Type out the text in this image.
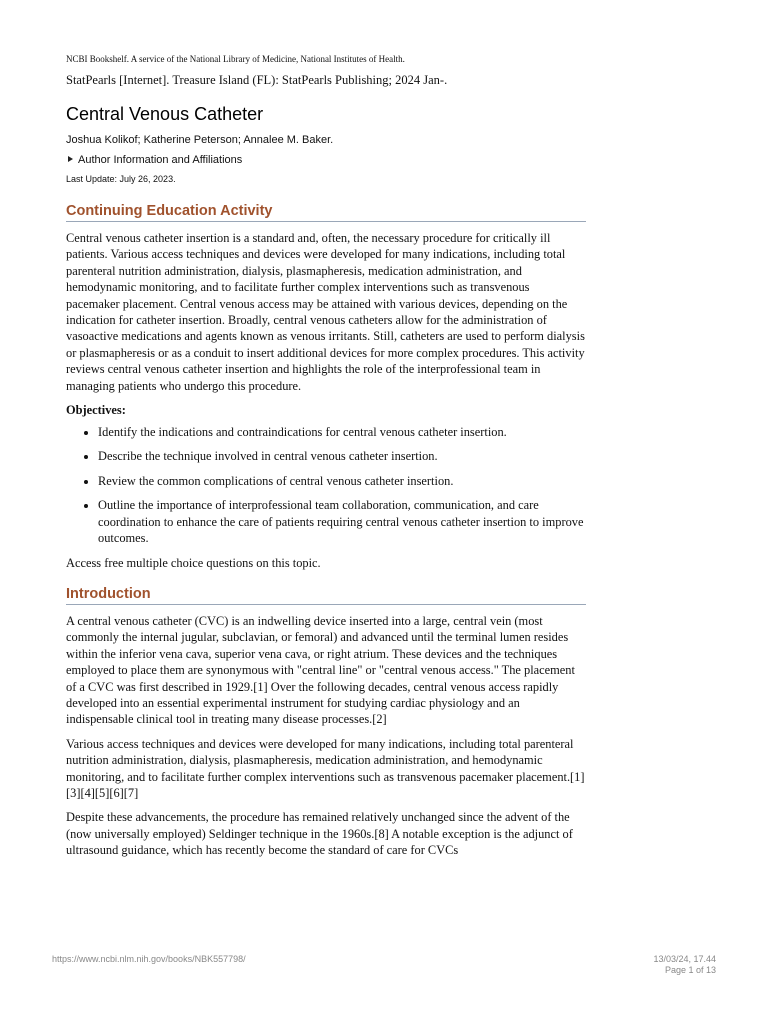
NCBI Bookshelf. A service of the National Library of Medicine, National Institutes of Health.

StatPearls [Internet]. Treasure Island (FL): StatPearls Publishing; 2024 Jan-.

Central Venous Catheter

Joshua Kolikof; Katherine Peterson; Annalee M. Baker.

Author Information and Affiliations

Last Update: July 26, 2023.

Continuing Education Activity

Central venous catheter insertion is a standard and, often, the necessary procedure for critically ill patients. Various access techniques and devices were developed for many indications, including total parenteral nutrition administration, dialysis, plasmapheresis, medication administration, and hemodynamic monitoring, and to facilitate further complex interventions such as transvenous pacemaker placement. Central venous access may be attained with various devices, depending on the indication for catheter insertion. Broadly, central venous catheters allow for the administration of vasoactive medications and agents known as venous irritants. Still, catheters are used to perform dialysis or plasmapheresis or as a conduit to insert additional devices for more complex procedures. This activity reviews central venous catheter insertion and highlights the role of the interprofessional team in managing patients who undergo this procedure.

Objectives:

• Identify the indications and contraindications for central venous catheter insertion.
• Describe the technique involved in central venous catheter insertion.
• Review the common complications of central venous catheter insertion.
• Outline the importance of interprofessional team collaboration, communication, and care coordination to enhance the care of patients requiring central venous catheter insertion to improve outcomes.

Access free multiple choice questions on this topic.

Introduction

A central venous catheter (CVC) is an indwelling device inserted into a large, central vein (most commonly the internal jugular, subclavian, or femoral) and advanced until the terminal lumen resides within the inferior vena cava, superior vena cava, or right atrium. These devices and the techniques employed to place them are synonymous with "central line" or "central venous access." The placement of a CVC was first described in 1929.[1] Over the following decades, central venous access rapidly developed into an essential experimental instrument for studying cardiac physiology and an indispensable clinical tool in treating many disease processes.[2]

Various access techniques and devices were developed for many indications, including total parenteral nutrition administration, dialysis, plasmapheresis, medication administration, and hemodynamic monitoring, and to facilitate further complex interventions such as transvenous pacemaker placement.[1][3][4][5][6][7]

Despite these advancements, the procedure has remained relatively unchanged since the advent of the (now universally employed) Seldinger technique in the 1960s.[8] A notable exception is the adjunct of ultrasound guidance, which has recently become the standard of care for CVCs

https://www.ncbi.nlm.nih.gov/books/NBK557798/	13/03/24, 17.44
Page 1 of 13
